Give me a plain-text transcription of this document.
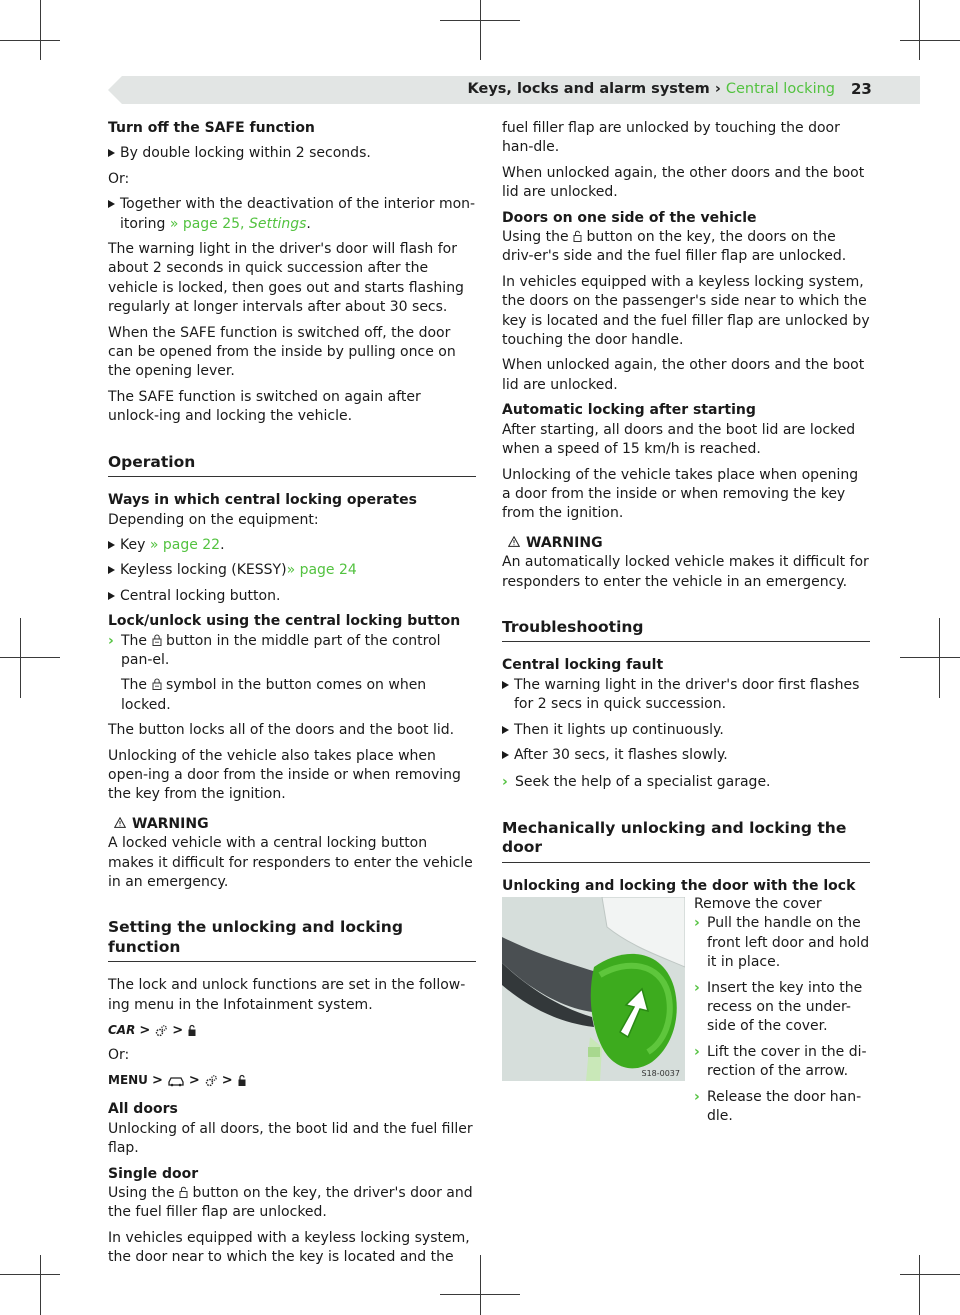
Keys, locks and alarm system › Central locking 23

Turn off the SAFE function

By double locking within 2 seconds.

Or:

Together with the deactivation of the interior mon-itoring » page 25, Settings.

The warning light in the driver's door will flash for about 2 seconds in quick succession after the vehicle is locked, then goes out and starts flashing regularly at longer intervals after about 30 secs.

When the SAFE function is switched off, the door can be opened from the inside by pulling once on the opening lever.

The SAFE function is switched on again after unlock-ing and locking the vehicle.

Operation

Ways in which central locking operates
Depending on the equipment:

Key » page 22.
Keyless locking (KESSY)» page 24
Central locking button.

Lock/unlock using the central locking button

› The button in the middle part of the control pan-el.

The symbol in the button comes on when locked.

The button locks all of the doors and the boot lid.

Unlocking of the vehicle also takes place when open-ing a door from the inside or when removing the key from the ignition.

WARNING
A locked vehicle with a central locking button makes it difficult for responders to enter the vehicle in an emergency.

Setting the unlocking and locking function

The lock and unlock functions are set in the follow-ing menu in the Infotainment system.

CAR > >

Or:

MENU > > >

All doors
Unlocking of all doors, the boot lid and the fuel filler flap.

Single door
Using the button on the key, the driver's door and the fuel filler flap are unlocked.

In vehicles equipped with a keyless locking system, the door near to which the key is located and the

fuel filler flap are unlocked by touching the door han-dle.

When unlocked again, the other doors and the boot lid are unlocked.

Doors on one side of the vehicle
Using the button on the key, the doors on the driv-er's side and the fuel filler flap are unlocked.

In vehicles equipped with a keyless locking system, the doors on the passenger's side near to which the key is located and the fuel filler flap are unlocked by touching the door handle.

When unlocked again, the other doors and the boot lid are unlocked.

Automatic locking after starting
After starting, all doors and the boot lid are locked when a speed of 15 km/h is reached.

Unlocking of the vehicle takes place when opening a door from the inside or when removing the key from the ignition.

WARNING
An automatically locked vehicle makes it difficult for responders to enter the vehicle in an emergency.

Troubleshooting

Central locking fault

The warning light in the driver's door first flashes for 2 secs in quick succession.
Then it lights up continuously.
After 30 secs, it flashes slowly.
› Seek the help of a specialist garage.
Mechanically unlocking and locking the door

Unlocking and locking the door with the lock

S18-0037

Remove the cover

› Pull the handle on the front left door and hold it in place.
› Insert the key into the recess on the under-side of the cover.
› Lift the cover in the di-rection of the arrow.
› Release the door han-dle.
